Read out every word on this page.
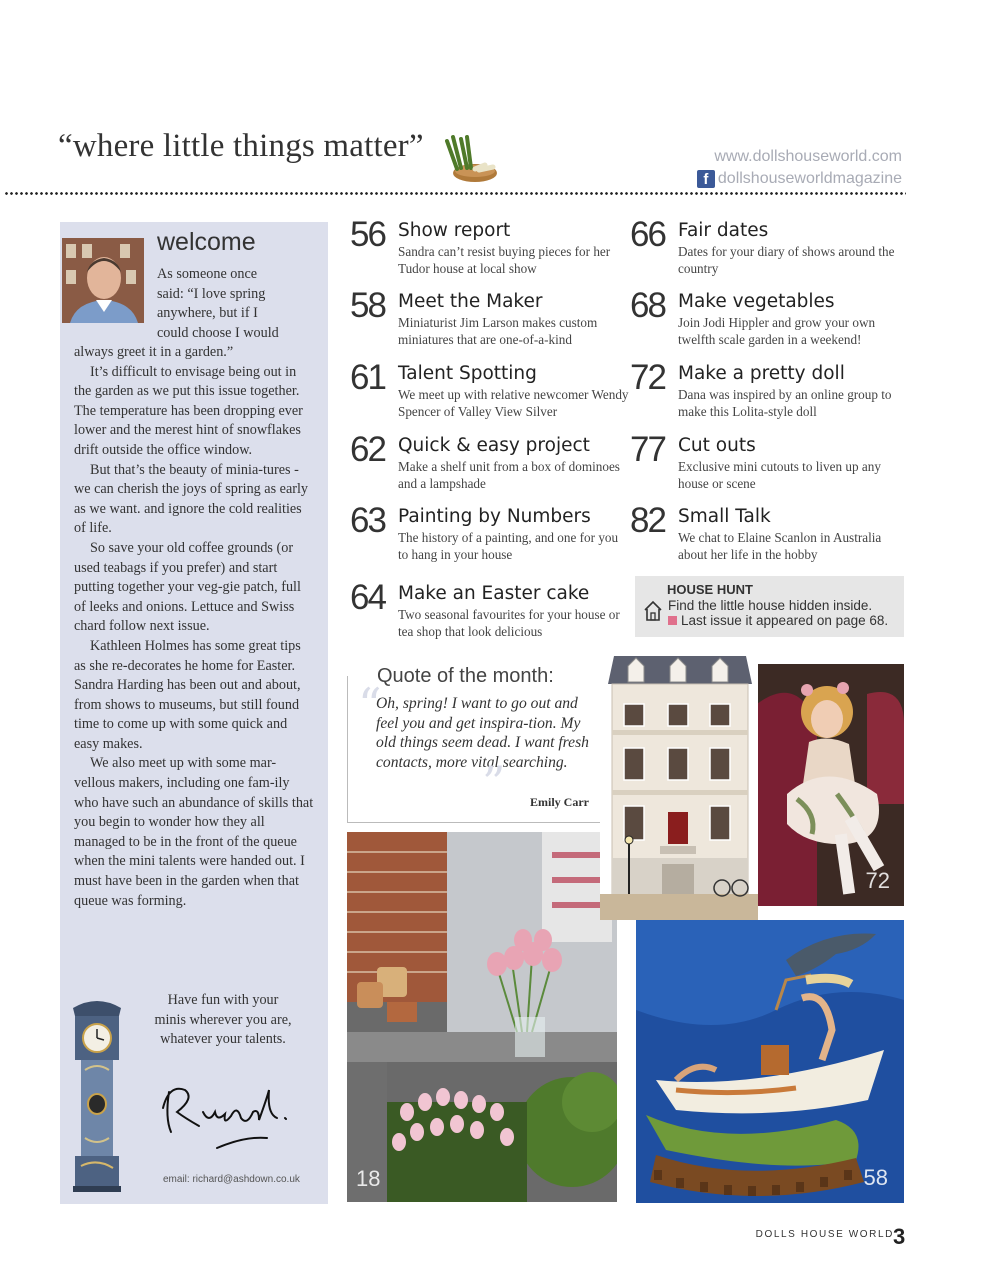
“where little things matter”	www.dollshouseworld.com
f dollshouseworldmagazine
welcome

As someone once

said: “I love spring

anywhere, but if I

could choose I would

always greet it in a garden.”

It’s difficult to envisage being out in the garden as we put this issue together. The temperature has been dropping ever lower and the merest hint of snowflakes drift outside the office window.

But that’s the beauty of minia-tures - we can cherish the joys of spring as early as we want. and ignore the cold realities of life.

So save your old coffee grounds (or used teabags if you prefer) and start putting together your veg-gie patch, full of leeks and onions. Lettuce and Swiss chard follow next issue.

Kathleen Holmes has some great tips as she re-decorates he home for Easter. Sandra Harding has been out and about, from shows to museums, but still found time to come up with some quick and easy makes.

We also meet up with some mar-vellous makers, including one fam-ily who have such an abundance of skills that you begin to wonder how they all managed to be in the front of the queue when the mini talents were handed out. I must have been in the garden when that queue was forming.

Have fun with your

minis wherever you are,

whatever your talents.

email: richard@ashdown.co.uk
56 Show report
Sandra can’t resist buying pieces for her Tudor house at local show
58 Meet the Maker
Miniaturist Jim Larson makes custom miniatures that are one-of-a-kind
61 Talent Spotting
We meet up with relative newcomer Wendy Spencer of Valley View Silver
62 Quick & easy project
Make a shelf unit from a box of dominoes and a lampshade
63 Painting by Numbers
The history of a painting, and one for you to hang in your house
64 Make an Easter cake
Two seasonal favourites for your house or tea shop that look delicious
66 Fair dates
Dates for your diary of shows around the country
68 Make vegetables
Join Jodi Hippler and grow your own twelfth scale garden in a weekend!
72 Make a pretty doll
Dana was inspired by an online group to make this Lolita-style doll
77 Cut outs
Exclusive mini cutouts to liven up any house or scene
82 Small Talk
We chat to Elaine Scanlon in Australia about her life in the hobby
HOUSE HUNT
Find the little house hidden inside.
Last issue it appeared on page 68.
Quote of the month:
“
Oh, spring! I want to go out and feel you and get inspira-tion. My old things seem dead. I want fresh contacts, more vital searching.
” Emily Carr
18
72
58
DOLLS HOUSE WORLD 3
